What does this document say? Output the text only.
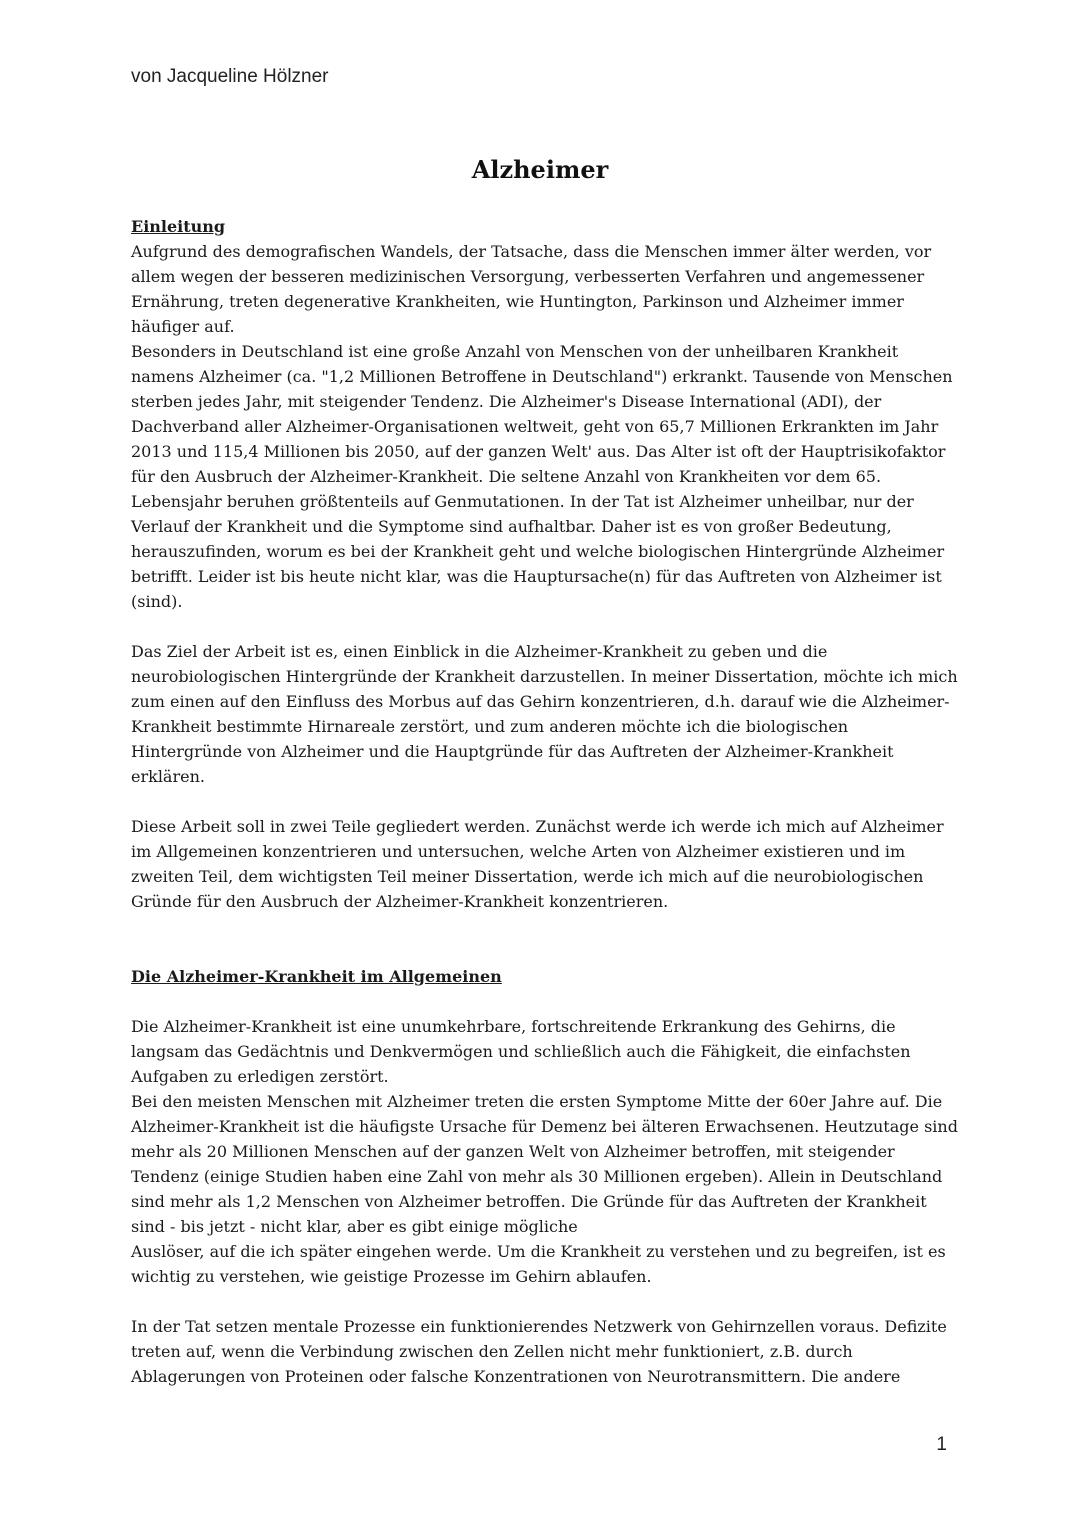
von Jacqueline Hölzner
Alzheimer

Einleitung

Aufgrund des demografischen Wandels, der Tatsache, dass die Menschen immer älter werden, vor allem wegen der besseren medizinischen Versorgung, verbesserten Verfahren und angemessener Ernährung, treten degenerative Krankheiten, wie Huntington, Parkinson und Alzheimer immer häufiger auf.

Besonders in Deutschland ist eine große Anzahl von Menschen von der unheilbaren Krankheit namens Alzheimer (ca. "1,2 Millionen Betroffene in Deutschland") erkrankt. Tausende von Menschen sterben jedes Jahr, mit steigender Tendenz. Die Alzheimer's Disease International (ADI), der Dachverband aller Alzheimer-Organisationen weltweit, geht von 65,7 Millionen Erkrankten im Jahr 2013 und 115,4 Millionen bis 2050, auf der ganzen Welt' aus. Das Alter ist oft der Hauptrisikofaktor für den Ausbruch der Alzheimer-Krankheit. Die seltene Anzahl von Krankheiten vor dem 65. Lebensjahr beruhen größtenteils auf Genmutationen. In der Tat ist Alzheimer unheilbar, nur der Verlauf der Krankheit und die Symptome sind aufhaltbar. Daher ist es von großer Bedeutung, herauszufinden, worum es bei der Krankheit geht und welche biologischen Hintergründe Alzheimer betrifft. Leider ist bis heute nicht klar, was die Hauptursache(n) für das Auftreten von Alzheimer ist (sind).

Das Ziel der Arbeit ist es, einen Einblick in die Alzheimer-Krankheit zu geben und die neurobiologischen Hintergründe der Krankheit darzustellen. In meiner Dissertation, möchte ich mich zum einen auf den Einfluss des Morbus auf das Gehirn konzentrieren, d.h. darauf wie die Alzheimer-Krankheit bestimmte Hirnareale zerstört, und zum anderen möchte ich die biologischen Hintergründe von Alzheimer und die Hauptgründe für das Auftreten der Alzheimer-Krankheit erklären.

Diese Arbeit soll in zwei Teile gegliedert werden. Zunächst werde ich werde ich mich auf Alzheimer im Allgemeinen konzentrieren und untersuchen, welche Arten von Alzheimer existieren und im zweiten Teil, dem wichtigsten Teil meiner Dissertation, werde ich mich auf die neurobiologischen Gründe für den Ausbruch der Alzheimer-Krankheit konzentrieren.

Die Alzheimer-Krankheit im Allgemeinen

Die Alzheimer-Krankheit ist eine unumkehrbare, fortschreitende Erkrankung des Gehirns, die langsam das Gedächtnis und Denkvermögen und schließlich auch die Fähigkeit, die einfachsten Aufgaben zu erledigen zerstört.

Bei den meisten Menschen mit Alzheimer treten die ersten Symptome Mitte der 60er Jahre auf. Die Alzheimer-Krankheit ist die häufigste Ursache für Demenz bei älteren Erwachsenen. Heutzutage sind mehr als 20 Millionen Menschen auf der ganzen Welt von Alzheimer betroffen, mit steigender Tendenz (einige Studien haben eine Zahl von mehr als 30 Millionen ergeben). Allein in Deutschland sind mehr als 1,2 Menschen von Alzheimer betroffen. Die Gründe für das Auftreten der Krankheit sind - bis jetzt - nicht klar, aber es gibt einige mögliche

Auslöser, auf die ich später eingehen werde. Um die Krankheit zu verstehen und zu begreifen, ist es wichtig zu verstehen, wie geistige Prozesse im Gehirn ablaufen.

In der Tat setzen mentale Prozesse ein funktionierendes Netzwerk von Gehirnzellen voraus. Defizite treten auf, wenn die Verbindung zwischen den Zellen nicht mehr funktioniert, z.B. durch Ablagerungen von Proteinen oder falsche Konzentrationen von Neurotransmittern. Die andere

1
